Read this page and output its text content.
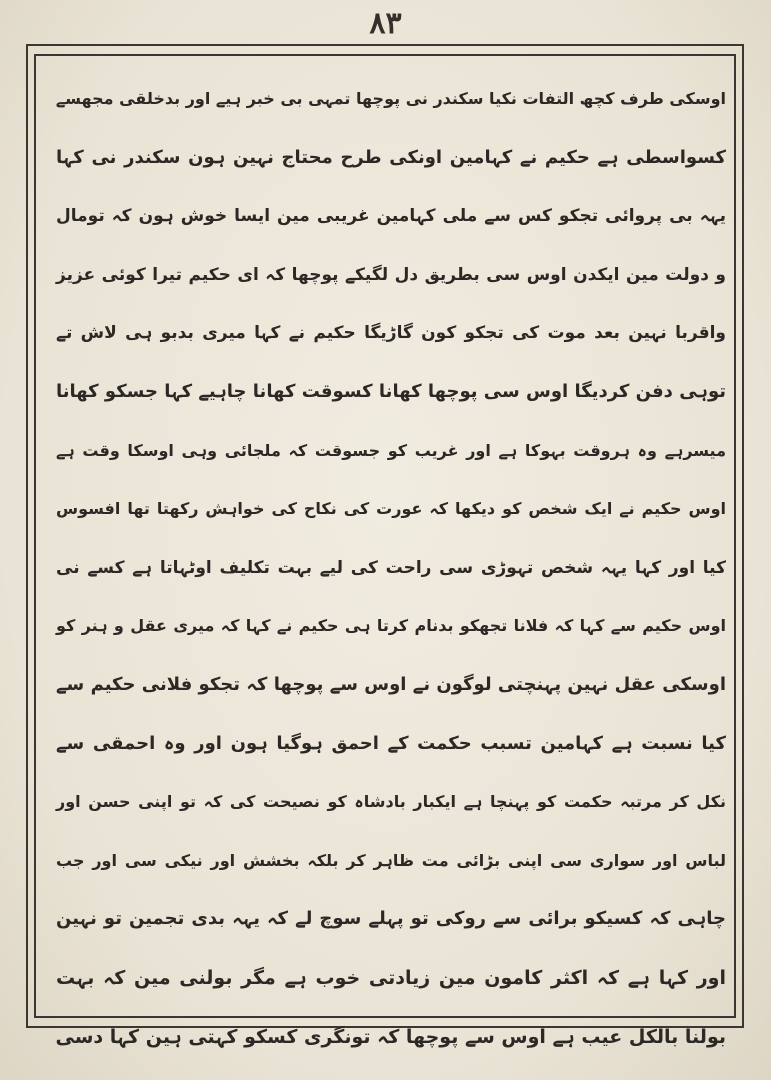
۸۳
اوسکی طرف کچھ التفات نکیا سکندر نی پوچھا تمہی بی خبر ہیے اور بدخلقی مجھسے
کسواسطی ہے حکیم نے کہامین اونکی طرح محتاج نہین ہون سکندر نی کہا
یہہ بی پروائی تجکو کس سے ملی کہامین غریبی مین ایسا خوش ہون کہ تومال
و دولت مین ایکدن اوس سی بطریق دل لگیکے پوچھا کہ ای حکیم تیرا کوئی عزیز
واقربا نہین بعد موت کی تجکو کون گاڑیگا حکیم نے کہا میری بدبو ہی لاش تے
توہی دفن کردیگا اوس سی پوچھا کھانا کسوقت کھانا چاہیے کہا جسکو کھانا
میسرہے وہ ہروقت بہوکا ہے اور غریب کو جسوقت کہ ملجائی وہی اوسکا وقت ہے
اوس حکیم نے ایک شخص کو دیکھا کہ عورت کی نکاح کی خواہش رکھتا تھا افسوس
کیا اور کہا یہہ شخص تہوڑی سی راحت کی لیے بہت تکلیف اوٹہاتا ہے کسے نی
اوس حکیم سے کہا کہ فلانا تجھکو بدنام کرتا ہی حکیم نے کہا کہ میری عقل و ہنر کو
اوسکی عقل نہین پہنچتی لوگون نے اوس سے پوچھا کہ تجکو فلانی حکیم سے
کیا نسبت ہے کہامین تسبب حکمت کے احمق ہوگیا ہون اور وہ احمقی سے
نکل کر مرتبہ حکمت کو پہنچا ہے ایکبار بادشاہ کو نصیحت کی کہ تو اپنی حسن اور
لباس اور سواری سی اپنی بڑائی مت ظاہر کر بلکہ بخشش اور نیکی سی اور جب
چاہی کہ کسیکو برائی سے روکی تو پہلے سوچ لے کہ یہہ بدی تجمین تو نہین
اور کہا ہے کہ اکثر کامون مین زیادتی خوب ہے مگر بولنی مین کہ بہت
بولنا بالکل عیب ہے اوس سے پوچھا کہ تونگری کسکو کہتی ہین کہا دسی
